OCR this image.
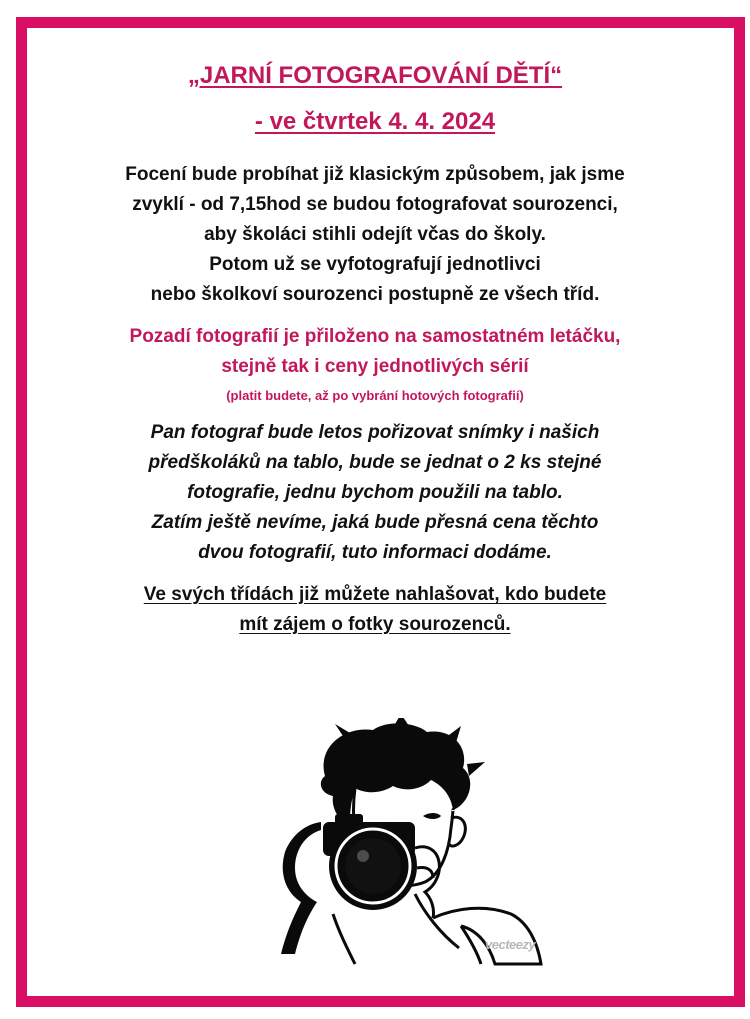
„JARNÍ FOTOGRAFOVÁNÍ DĚTÍ“
- ve čtvrtek 4. 4. 2024
Focení bude probíhat již klasickým způsobem, jak jsme
zvyklí - od 7,15hod se budou fotografovat sourozenci,
aby školáci stihli odejít včas do školy.
Potom už se vyfotografují jednotlivci
nebo školkoví sourozenci postupně ze všech tříd.
Pozadí fotografií je přiloženo na samostatném letáčku,
stejně tak i ceny jednotlivých sérií
(platit budete, až po vybrání hotových fotografií)
Pan fotograf bude letos pořizovat snímky i našich
předškoláků na tablo, bude se jednat o 2 ks stejné
fotografie, jednu bychom použili na tablo.
Zatím ještě nevíme, jaká bude přesná cena těchto
dvou fotografií, tuto informaci dodáme.
Ve svých třídách již můžete nahlašovat, kdo budete
mít zájem o fotky sourozenců.
vecteezy
